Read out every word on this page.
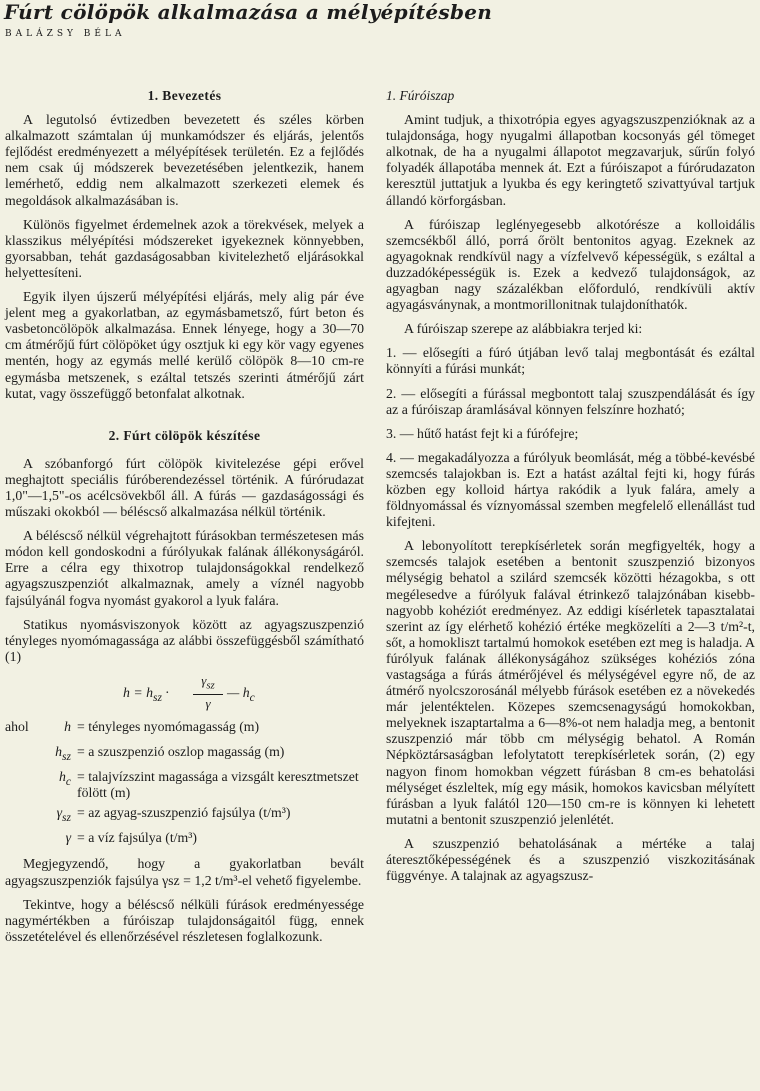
Fúrt cölöpök alkalmazása a mélyépítésben
BALÁZSY BÉLA
1. Bevezetés

A legutolsó évtizedben bevezetett és széles körben alkalmazott számtalan új munkamódszer és eljárás, jelentős fejlődést eredményezett a mélyépítések területén. Ez a fejlődés nem csak új módszerek bevezetésében jelentkezik, hanem lemérhető, eddig nem alkalmazott szerkezeti elemek és megoldások alkalmazásában is.

Különös figyelmet érdemelnek azok a törekvések, melyek a klasszikus mélyépítési módszereket igyekeznek könnyebben, gyorsabban, tehát gazdaságosabban kivitelezhető eljárásokkal helyettesíteni.

Egyik ilyen újszerű mélyépítési eljárás, mely alig pár éve jelent meg a gyakorlatban, az egymásbametsző, fúrt beton és vasbetoncölöpök alkalmazása. Ennek lényege, hogy a 30—70 cm átmérőjű fúrt cölöpöket úgy osztjuk ki egy kör vagy egyenes mentén, hogy az egymás mellé kerülő cölöpök 8—10 cm-re egymásba metszenek, s ezáltal tetszés szerinti átmérőjű zárt kutat, vagy összefüggő betonfalat alkotnak.

2. Fúrt cölöpök készítése

A szóbanforgó fúrt cölöpök kivitelezése gépi erővel meghajtott speciális fúróberendezéssel történik. A fúrórudazat 1,0"—1,5"-os acélcsövekből áll. A fúrás — gazdaságossági és műszaki okokból — béléscső alkalmazása nélkül történik.

A béléscső nélkül végrehajtott fúrásokban természetesen más módon kell gondoskodni a fúrólyukak falának állékonyságáról. Erre a célra egy thixotrop tulajdonságokkal rendelkező agyagszuszpenziót alkalmaznak, amely a víznél nagyobb fajsúlyánál fogva nyomást gyakorol a lyuk falára.

Statikus nyomásviszonyok között az agyagszuszpenzió tényleges nyomómagassága az alábbi összefüggésből számítható (1)

$h = h_{sz}$ ·
$\gamma_{sz}$
γ
— $h_c$
ahol	h = tényleges nyomómagasság (m)
$h_{sz} = a$ szuszpenzió oszlop magasság (m)
$h_c$ = talajvízszint magassága a vizsgált keresztmetszet fölött (m)
$\gamma_{sz}$ = az agyag-szuszpenzió fajsúlya (t/m³)
γ = a víz fajsúlya (t/m³)

Megjegyzendő, hogy a gyakorlatban bevált agyagszuszpenziók fajsúlya γsz = 1,2 t/m³-el vehető figyelembe.

Tekintve, hogy a béléscső nélküli fúrások eredményessége nagymértékben a fúróiszap tulajdonságaitól függ, ennek összetételével és ellenőrzésével részletesen foglalkozunk.

1. Fúróiszap

Amint tudjuk, a thixotrópia egyes agyagszuszpenzióknak az a tulajdonsága, hogy nyugalmi állapotban kocsonyás gél tömeget alkotnak, de ha a nyugalmi állapotot megzavarjuk, sűrűn folyó folyadék állapotába mennek át. Ezt a fúróiszapot a fúrórudazaton keresztül juttatjuk a lyukba és egy keringtető szivattyúval tartjuk állandó körforgásban.

A fúróiszap leglényegesebb alkotórésze a kolloidális szemcsékből álló, porrá őrölt bentonitos agyag. Ezeknek az agyagoknak rendkívül nagy a vízfelvevő képességük, s ezáltal a duzzadóképességük is. Ezek a kedvező tulajdonságok, az agyagban nagy százalékban előforduló, rendkívüli aktív agyagásványnak, a montmorillonitnak tulajdoníthatók.

A fúróiszap szerepe az alábbiakra terjed ki:

1. — elősegíti a fúró útjában levő talaj megbontását és ezáltal könnyíti a fúrási munkát;

2. — elősegíti a fúrással megbontott talaj szuszpendálását és így az a fúróiszap áramlásával könnyen felszínre hozható;

3. — hűtő hatást fejt ki a fúrófejre;

4. — megakadályozza a fúrólyuk beomlását, még a többé-kevésbé szemcsés talajokban is. Ezt a hatást azáltal fejti ki, hogy fúrás közben egy kolloid hártya rakódik a lyuk falára, amely a földnyomással és víznyomással szemben megfelelő ellenállást tud kifejteni.

A lebonyolított terepkísérletek során megfigyelték, hogy a szemcsés talajok esetében a bentonit szuszpenzió bizonyos mélységig behatol a szilárd szemcsék közötti hézagokba, s ott megélesedve a fúrólyuk falával étrinkező talajzónában kisebb-nagyobb kohéziót eredményez. Az eddigi kísérletek tapasztalatai szerint az így elérhető kohézió értéke megközelíti a 2—3 t/m²-t, sőt, a homokliszt tartalmú homokok esetében ezt meg is haladja. A fúrólyuk falának állékonyságához szükséges kohéziós zóna vastagsága a fúrás átmérőjével és mélységével egyre nő, de az átmérő nyolcszorosánál mélyebb fúrások esetében ez a növekedés már jelentéktelen. Közepes szemcsenagyságú homokokban, melyeknek iszaptartalma a 6—8%-ot nem haladja meg, a bentonit szuszpenzió már több cm mélységig behatol. A Román Népköztársaságban lefolytatott terepkísérletek során, (2) egy nagyon finom homokban végzett fúrásban 8 cm-es behatolási mélységet észleltek, míg egy másik, homokos kavicsban mélyített fúrásban a lyuk falától 120—150 cm-re is könnyen ki lehetett mutatni a bentonit szuszpenzió jelenlétét.

A szuszpenzió behatolásának a mértéke a talaj áteresztőképességének és a szuszpenzió viszkozitásának függvénye. A talajnak az agyagszusz-
